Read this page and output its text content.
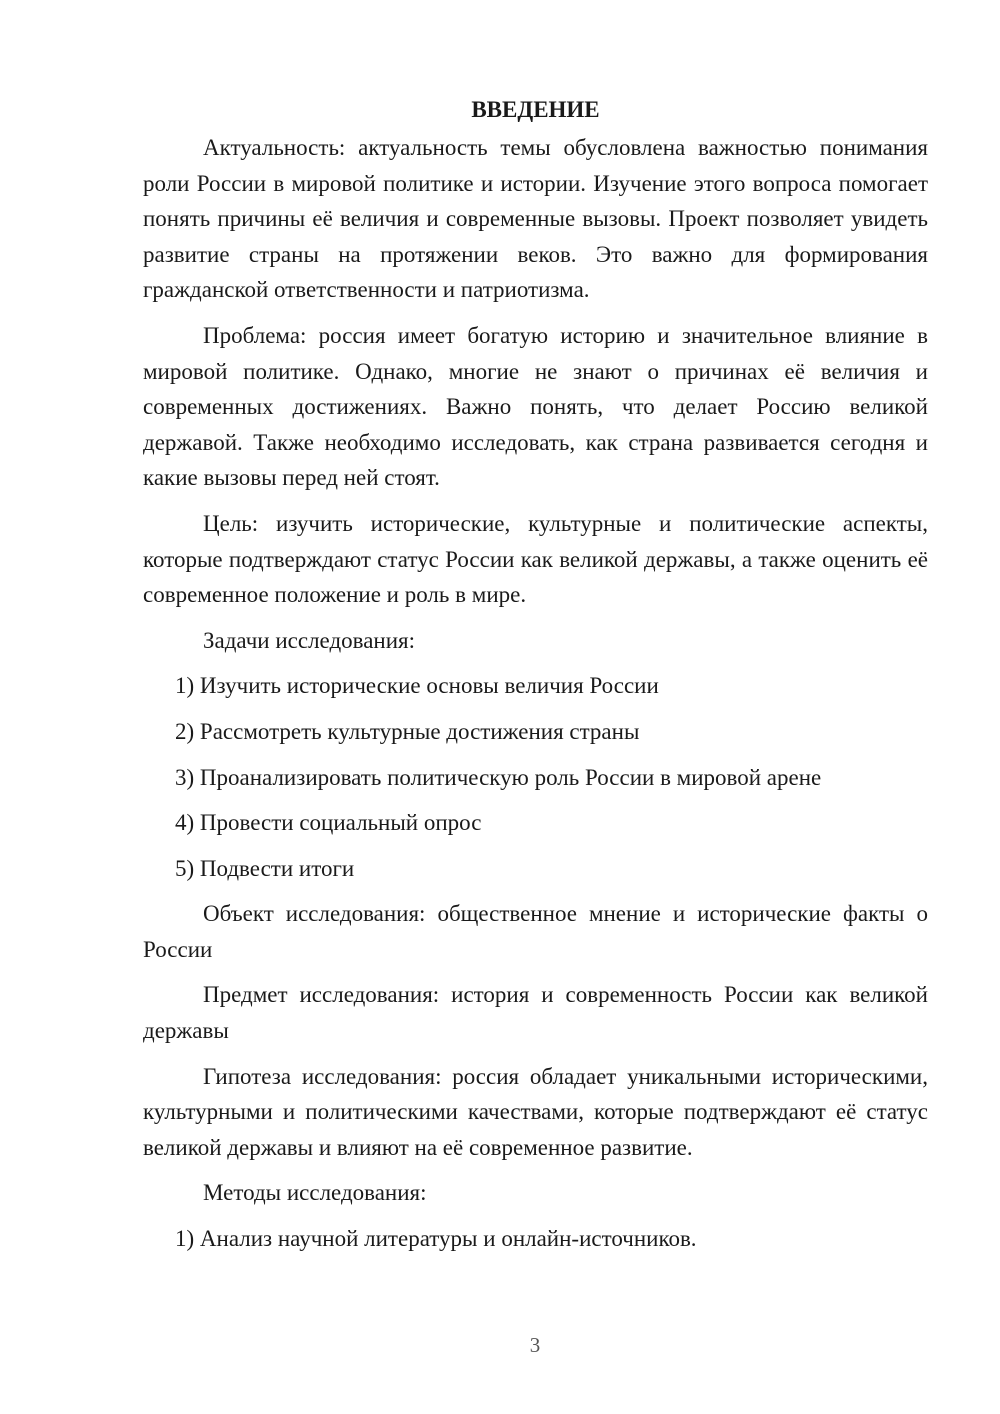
ВВЕДЕНИЕ

Актуальность: актуальность темы обусловлена важностью понимания роли России в мировой политике и истории. Изучение этого вопроса помогает понять причины её величия и современные вызовы. Проект позволяет увидеть развитие страны на протяжении веков. Это важно для формирования гражданской ответственности и патриотизма.

Проблема: россия имеет богатую историю и значительное влияние в мировой политике. Однако, многие не знают о причинах её величия и современных достижениях. Важно понять, что делает Россию великой державой. Также необходимо исследовать, как страна развивается сегодня и какие вызовы перед ней стоят.

Цель: изучить исторические, культурные и политические аспекты, которые подтверждают статус России как великой державы, а также оценить её современное положение и роль в мире.

Задачи исследования:

1) Изучить исторические основы величия России

2) Рассмотреть культурные достижения страны

3) Проанализировать политическую роль России в мировой арене

4) Провести социальный опрос

5) Подвести итоги

Объект исследования: общественное мнение и исторические факты о России

Предмет исследования: история и современность России как великой державы

Гипотеза исследования: россия обладает уникальными историческими, культурными и политическими качествами, которые подтверждают её статус великой державы и влияют на её современное развитие.

Методы исследования:

1) Анализ научной литературы и онлайн-источников.

3
